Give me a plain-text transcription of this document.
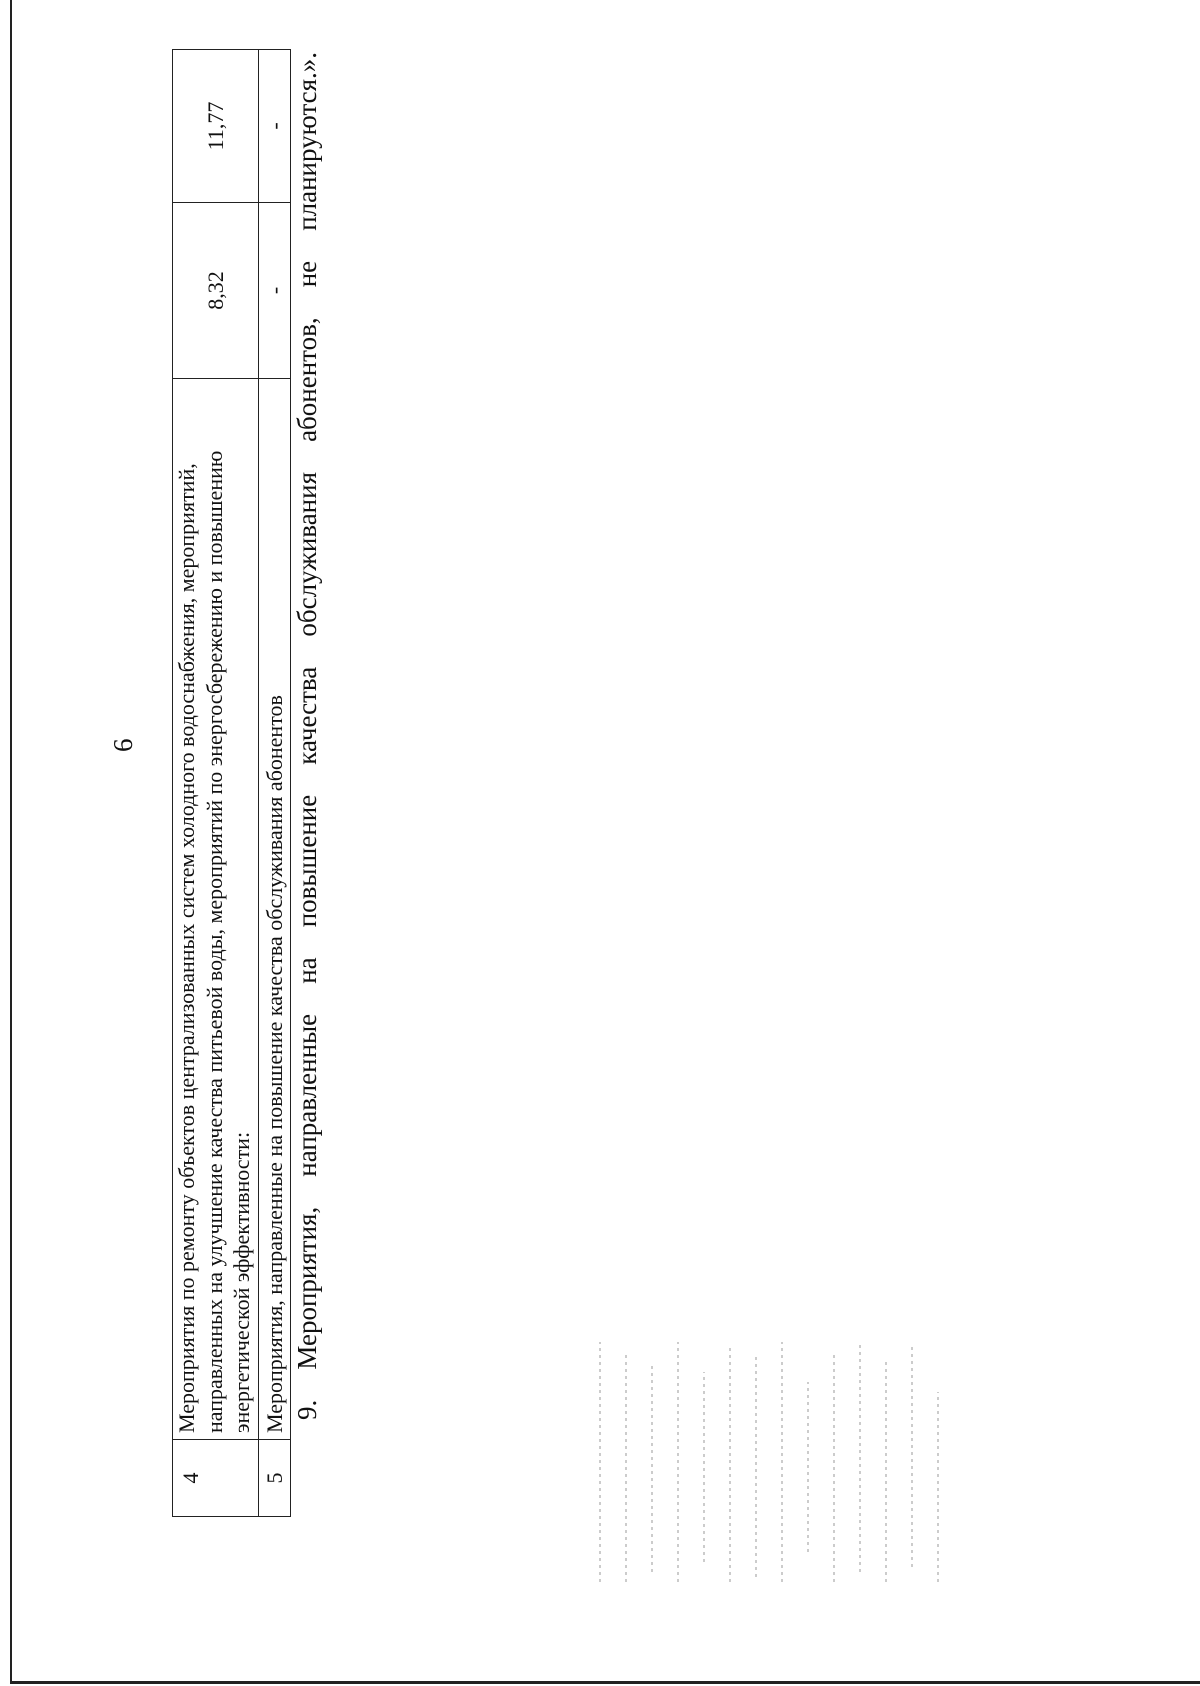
6
4	Мероприятия по ремонту объектов централизованных систем холодного водоснабжения, мероприятий, направленных на улучшение качества питьевой воды, мероприятий по энергосбережению и повышению энергетической эффективности:	8,32	11,77
5	Мероприятия, направленные на повышение качества обслуживания абонентов	-	- 9. Мероприятия, направленные на повышение качества обслуживания абонентов, не планируются.».
